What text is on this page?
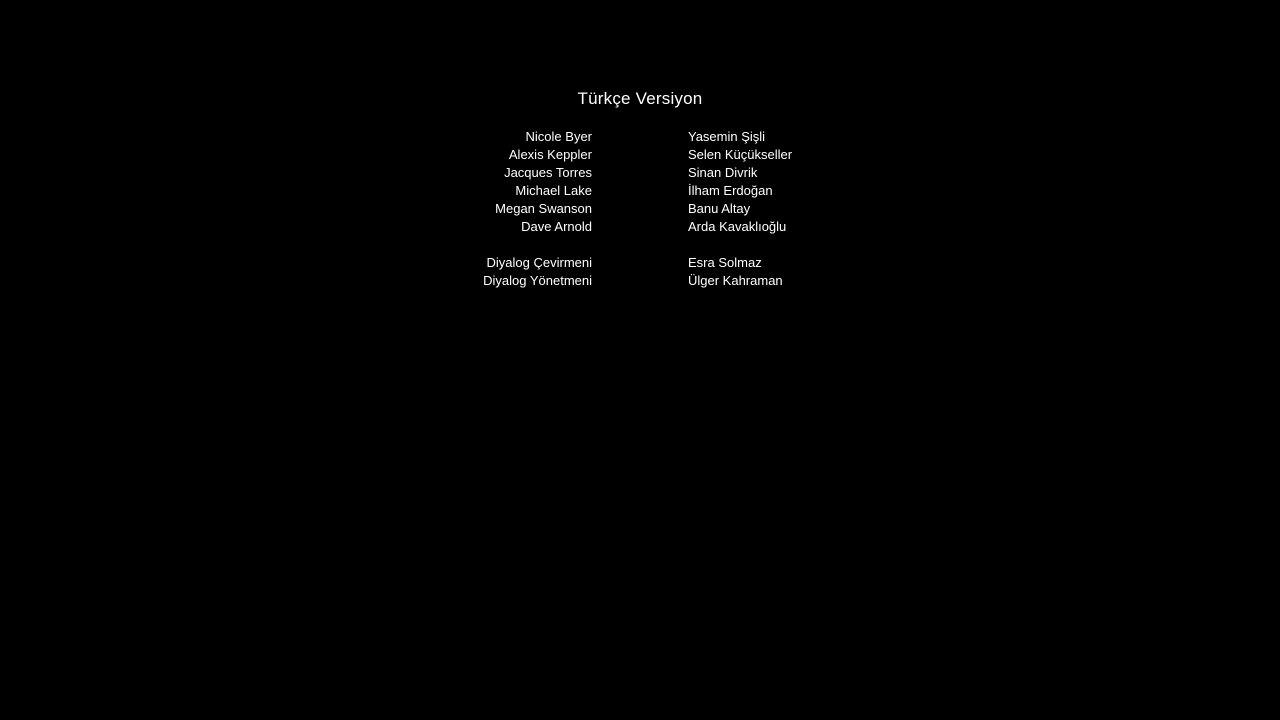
Türkçe Versiyon
Nicole Byer
Alexis Keppler
Jacques Torres
Michael Lake
Megan Swanson
Dave Arnold
Yasemin Şişli
Selen Küçükseller
Sinan Divrik
İlham Erdoğan
Banu Altay
Arda Kavaklıoğlu
Diyalog Çevirmeni
Diyalog Yönetmeni
Esra Solmaz
Ülger Kahraman
